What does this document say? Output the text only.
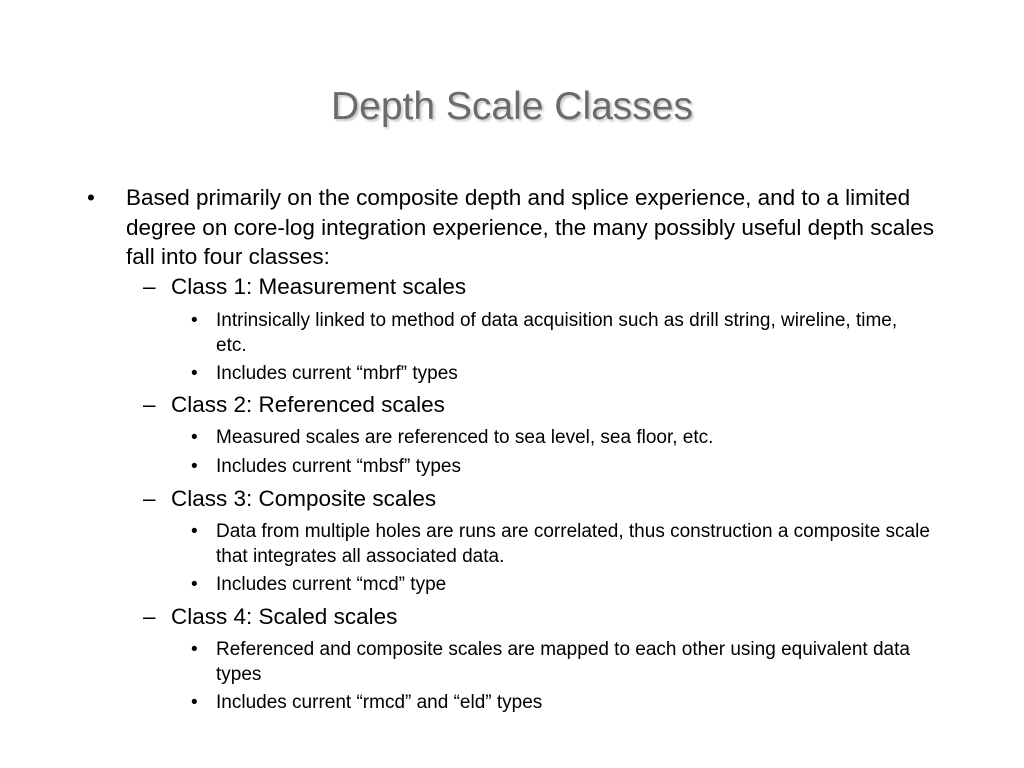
Depth Scale Classes
• Based primarily on the composite depth and splice experience, and to a limited degree on core-log integration experience, the many possibly useful depth scales fall into four classes:
– Class 1: Measurement scales
• Intrinsically linked to method of data acquisition such as drill string, wireline, time, etc.
• Includes current “mbrf” types
– Class 2: Referenced scales
• Measured scales are referenced to sea level, sea floor, etc.
• Includes current “mbsf” types
– Class 3: Composite scales
• Data from multiple holes are runs are correlated, thus construction a composite scale that integrates all associated data.
• Includes current “mcd” type
– Class 4: Scaled scales
• Referenced and composite scales are mapped to each other using equivalent data types
• Includes current “rmcd” and “eld” types
